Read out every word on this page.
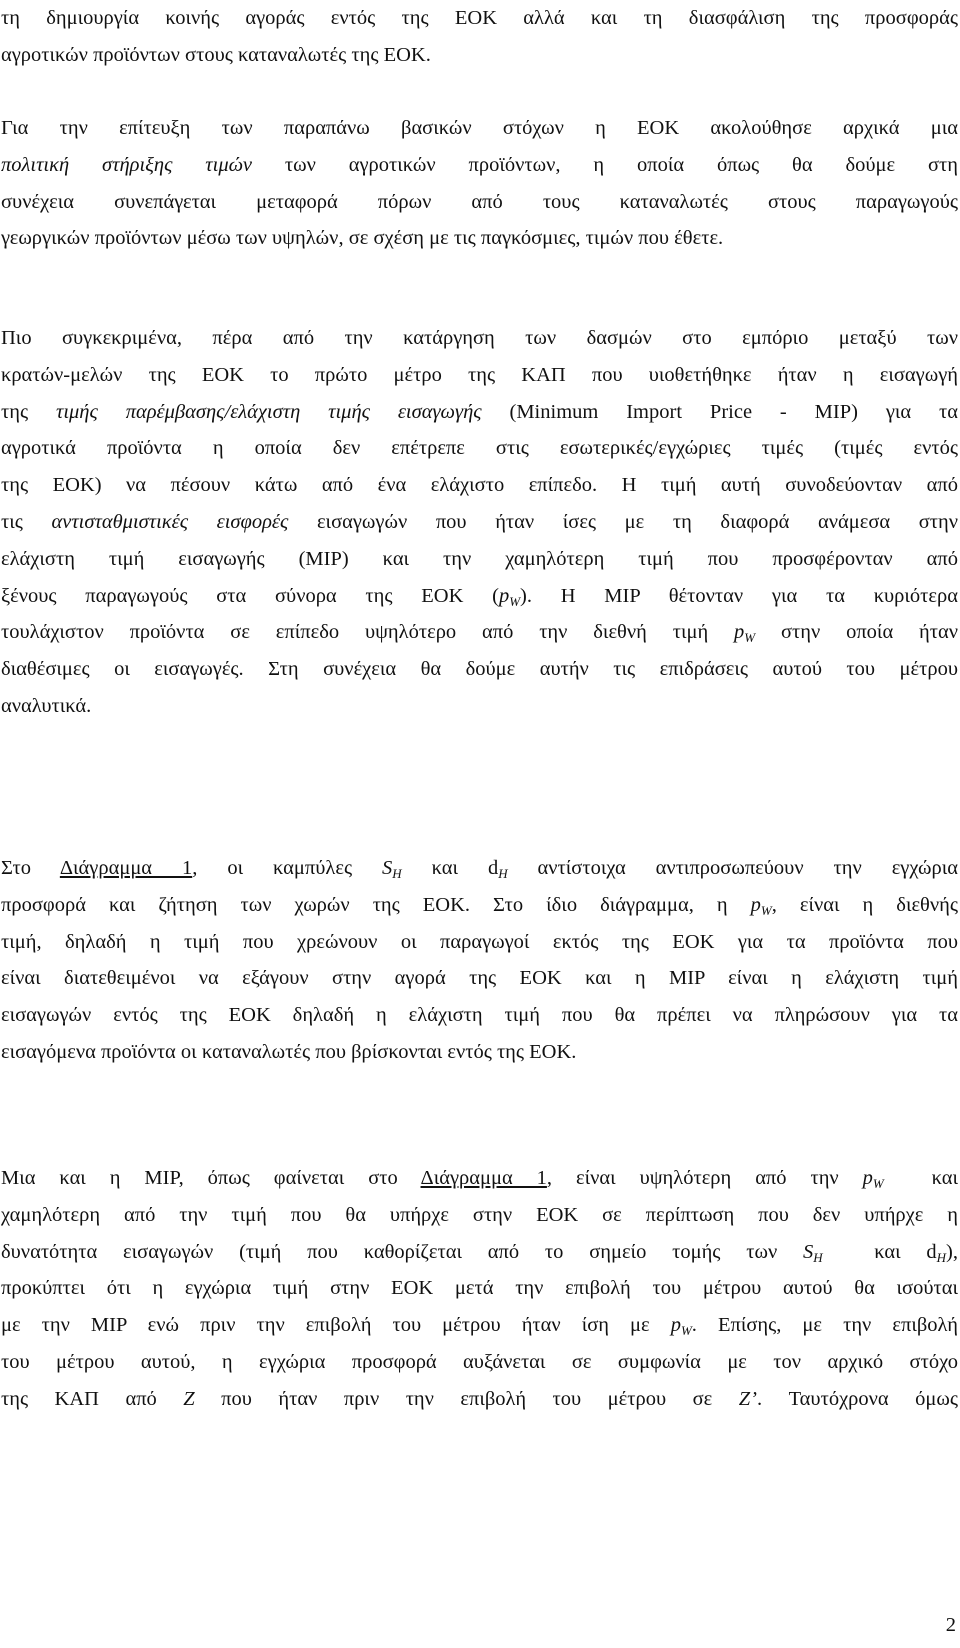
τη δημιουργία κοινής αγοράς εντός της ΕΟΚ αλλά και τη διασφάλιση της προσφοράς
αγροτικών προϊόντων στους καταναλωτές της ΕΟΚ.
Για την επίτευξη των παραπάνω βασικών στόχων η ΕΟΚ ακολούθησε αρχικά μια
πολιτική στήριξης τιμών των αγροτικών προϊόντων, η οποία όπως θα δούμε στη
συνέχεια συνεπάγεται μεταφορά πόρων από τους καταναλωτές στους παραγωγούς
γεωργικών προϊόντων μέσω των υψηλών, σε σχέση με τις παγκόσμιες, τιμών που έθετε.
Πιο συγκεκριμένα, πέρα από την κατάργηση των δασμών στο εμπόριο μεταξύ των
κρατών-μελών της ΕΟΚ το πρώτο μέτρο της ΚΑΠ που υιοθετήθηκε ήταν η εισαγωγή
της τιμής παρέμβασης/ελάχιστη τιμής εισαγωγής (Minimum Import Price - MIP) για τα
αγροτικά προϊόντα η οποία δεν επέτρεπε στις εσωτερικές/εγχώριες τιμές (τιμές εντός
της ΕΟΚ) να πέσουν κάτω από ένα ελάχιστο επίπεδο. Η τιμή αυτή συνοδεύονταν από
τις αντισταθμιστικές εισφορές εισαγωγών που ήταν ίσες με τη διαφορά ανάμεσα στην
ελάχιστη τιμή εισαγωγής (MIP) και την χαμηλότερη τιμή που προσφέρονταν από
ξένους παραγωγούς στα σύνορα της ΕΟΚ $(p_W)$. Η MIP θέτονταν για τα κυριότερα
τουλάχιστον προϊόντα σε επίπεδο υψηλότερο από την διεθνή τιμή $p_W$ στην οποία ήταν
διαθέσιμες οι εισαγωγές. Στη συνέχεια θα δούμε αυτήν τις επιδράσεις αυτού του μέτρου
αναλυτικά.
Στο Διάγραμμα 1, οι καμπύλες $S_H$ και $d_H$ αντίστοιχα αντιπροσωπεύουν την εγχώρια
προσφορά και ζήτηση των χωρών της ΕΟΚ. Στο ίδιο διάγραμμα, η $p_W$, είναι η διεθνής
τιμή, δηλαδή η τιμή που χρεώνουν οι παραγωγοί εκτός της ΕΟΚ για τα προϊόντα που
είναι διατεθειμένοι να εξάγουν στην αγορά της ΕΟΚ και η MIP είναι η ελάχιστη τιμή
εισαγωγών εντός της ΕΟΚ δηλαδή η ελάχιστη τιμή που θα πρέπει να πληρώσουν για τα
εισαγόμενα προϊόντα οι καταναλωτές που βρίσκονται εντός της ΕΟΚ.
Μια και η MIP, όπως φαίνεται στο Διάγραμμα 1, είναι υψηλότερη από την $p_W$  και
χαμηλότερη από την τιμή που θα υπήρχε στην ΕΟΚ σε περίπτωση που δεν υπήρχε η
δυνατότητα εισαγωγών (τιμή που καθορίζεται από το σημείο τομής των $S_H$  και $d_H$),
προκύπτει ότι η εγχώρια τιμή στην ΕΟΚ μετά την επιβολή του μέτρου αυτού θα ισούται
με την MIP ενώ πριν την επιβολή του μέτρου ήταν ίση με $p_W$. Επίσης, με την επιβολή
του μέτρου αυτού, η εγχώρια προσφορά αυξάνεται σε συμφωνία με τον αρχικό στόχο
της ΚΑΠ από Z που ήταν πριν την επιβολή του μέτρου σε Z’. Ταυτόχρονα όμως
2
